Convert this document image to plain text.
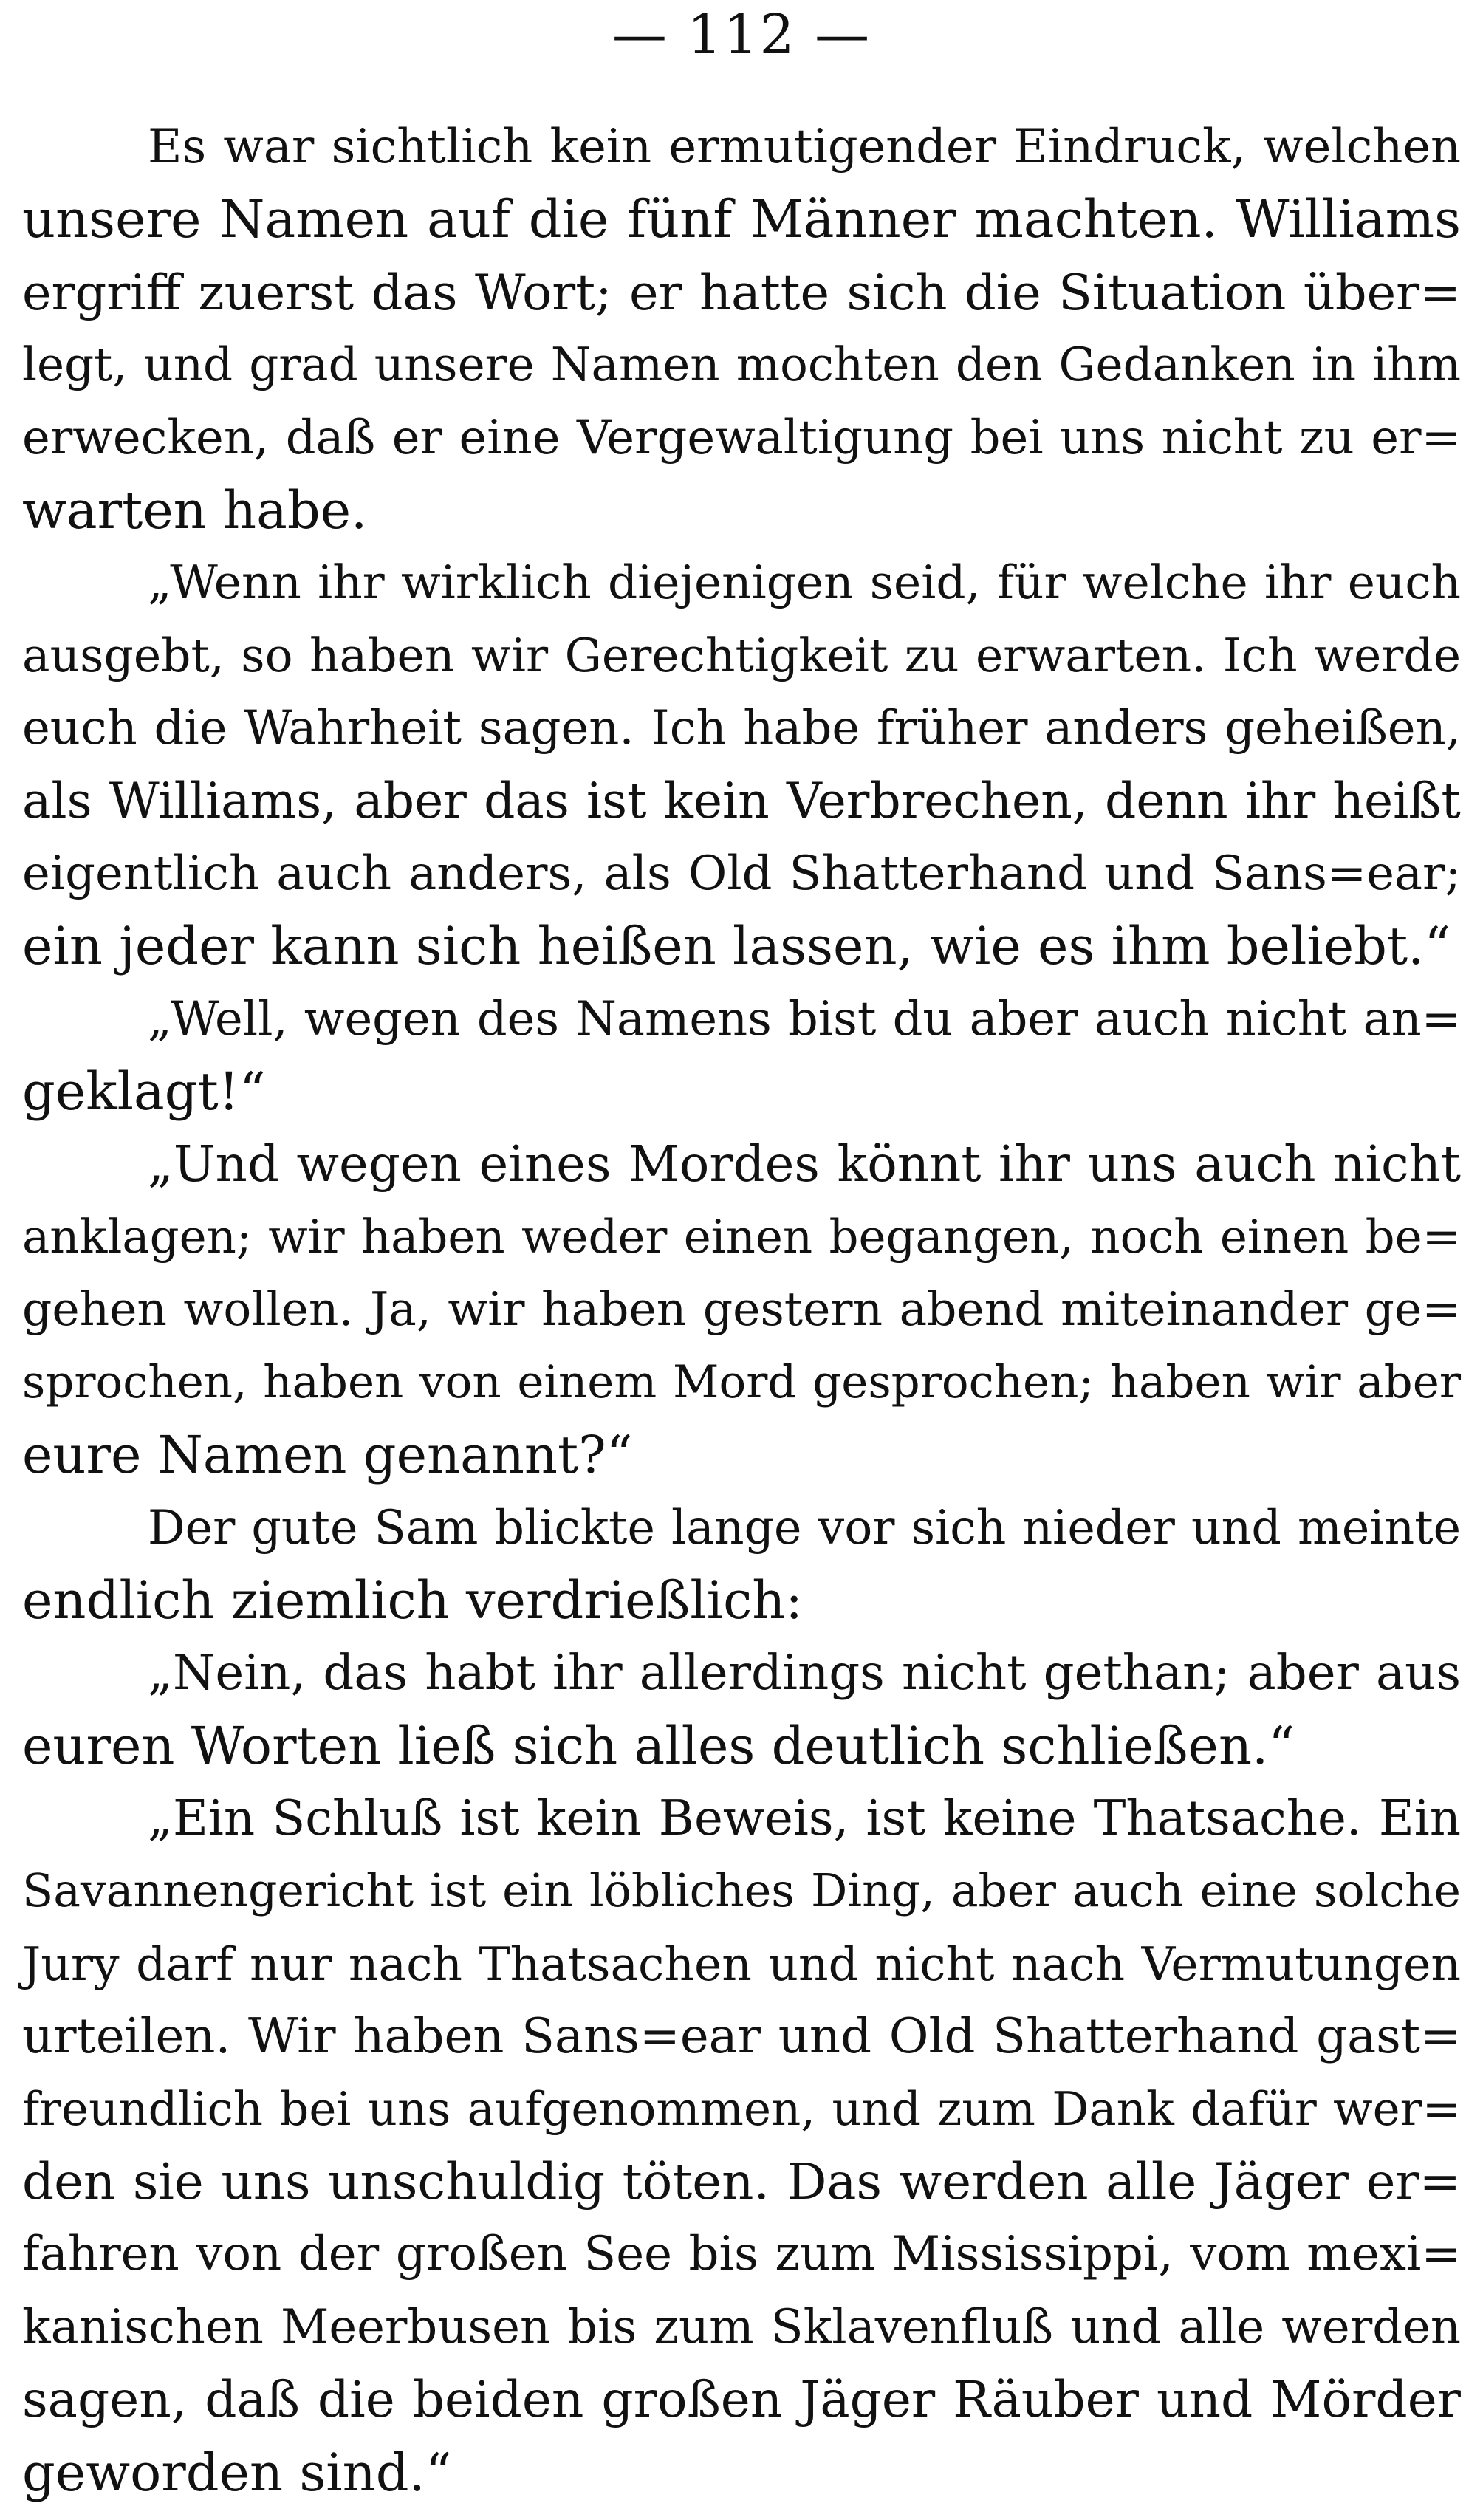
— 112 —
Es war sichtlich kein ermutigender Eindruck, welchen
unsere Namen auf die fünf Männer machten. Williams
ergriff zuerst das Wort; er hatte sich die Situation über=
legt, und grad unsere Namen mochten den Gedanken in ihm
erwecken, daß er eine Vergewaltigung bei uns nicht zu er=
warten habe.
„Wenn ihr wirklich diejenigen seid, für welche ihr euch
ausgebt, so haben wir Gerechtigkeit zu erwarten. Ich werde
euch die Wahrheit sagen. Ich habe früher anders geheißen,
als Williams, aber das ist kein Verbrechen, denn ihr heißt
eigentlich auch anders, als Old Shatterhand und Sans=ear;
ein jeder kann sich heißen lassen, wie es ihm beliebt.“
„Well, wegen des Namens bist du aber auch nicht an=
geklagt!“
„Und wegen eines Mordes könnt ihr uns auch nicht
anklagen; wir haben weder einen begangen, noch einen be=
gehen wollen. Ja, wir haben gestern abend miteinander ge=
sprochen, haben von einem Mord gesprochen; haben wir aber
eure Namen genannt?“
Der gute Sam blickte lange vor sich nieder und meinte
endlich ziemlich verdrießlich:
„Nein, das habt ihr allerdings nicht gethan; aber aus
euren Worten ließ sich alles deutlich schließen.“
„Ein Schluß ist kein Beweis, ist keine Thatsache. Ein
Savannengericht ist ein löbliches Ding, aber auch eine solche
Jury darf nur nach Thatsachen und nicht nach Vermutungen
urteilen. Wir haben Sans=ear und Old Shatterhand gast=
freundlich bei uns aufgenommen, und zum Dank dafür wer=
den sie uns unschuldig töten. Das werden alle Jäger er=
fahren von der großen See bis zum Mississippi, vom mexi=
kanischen Meerbusen bis zum Sklavenfluß und alle werden
sagen, daß die beiden großen Jäger Räuber und Mörder
geworden sind.“
